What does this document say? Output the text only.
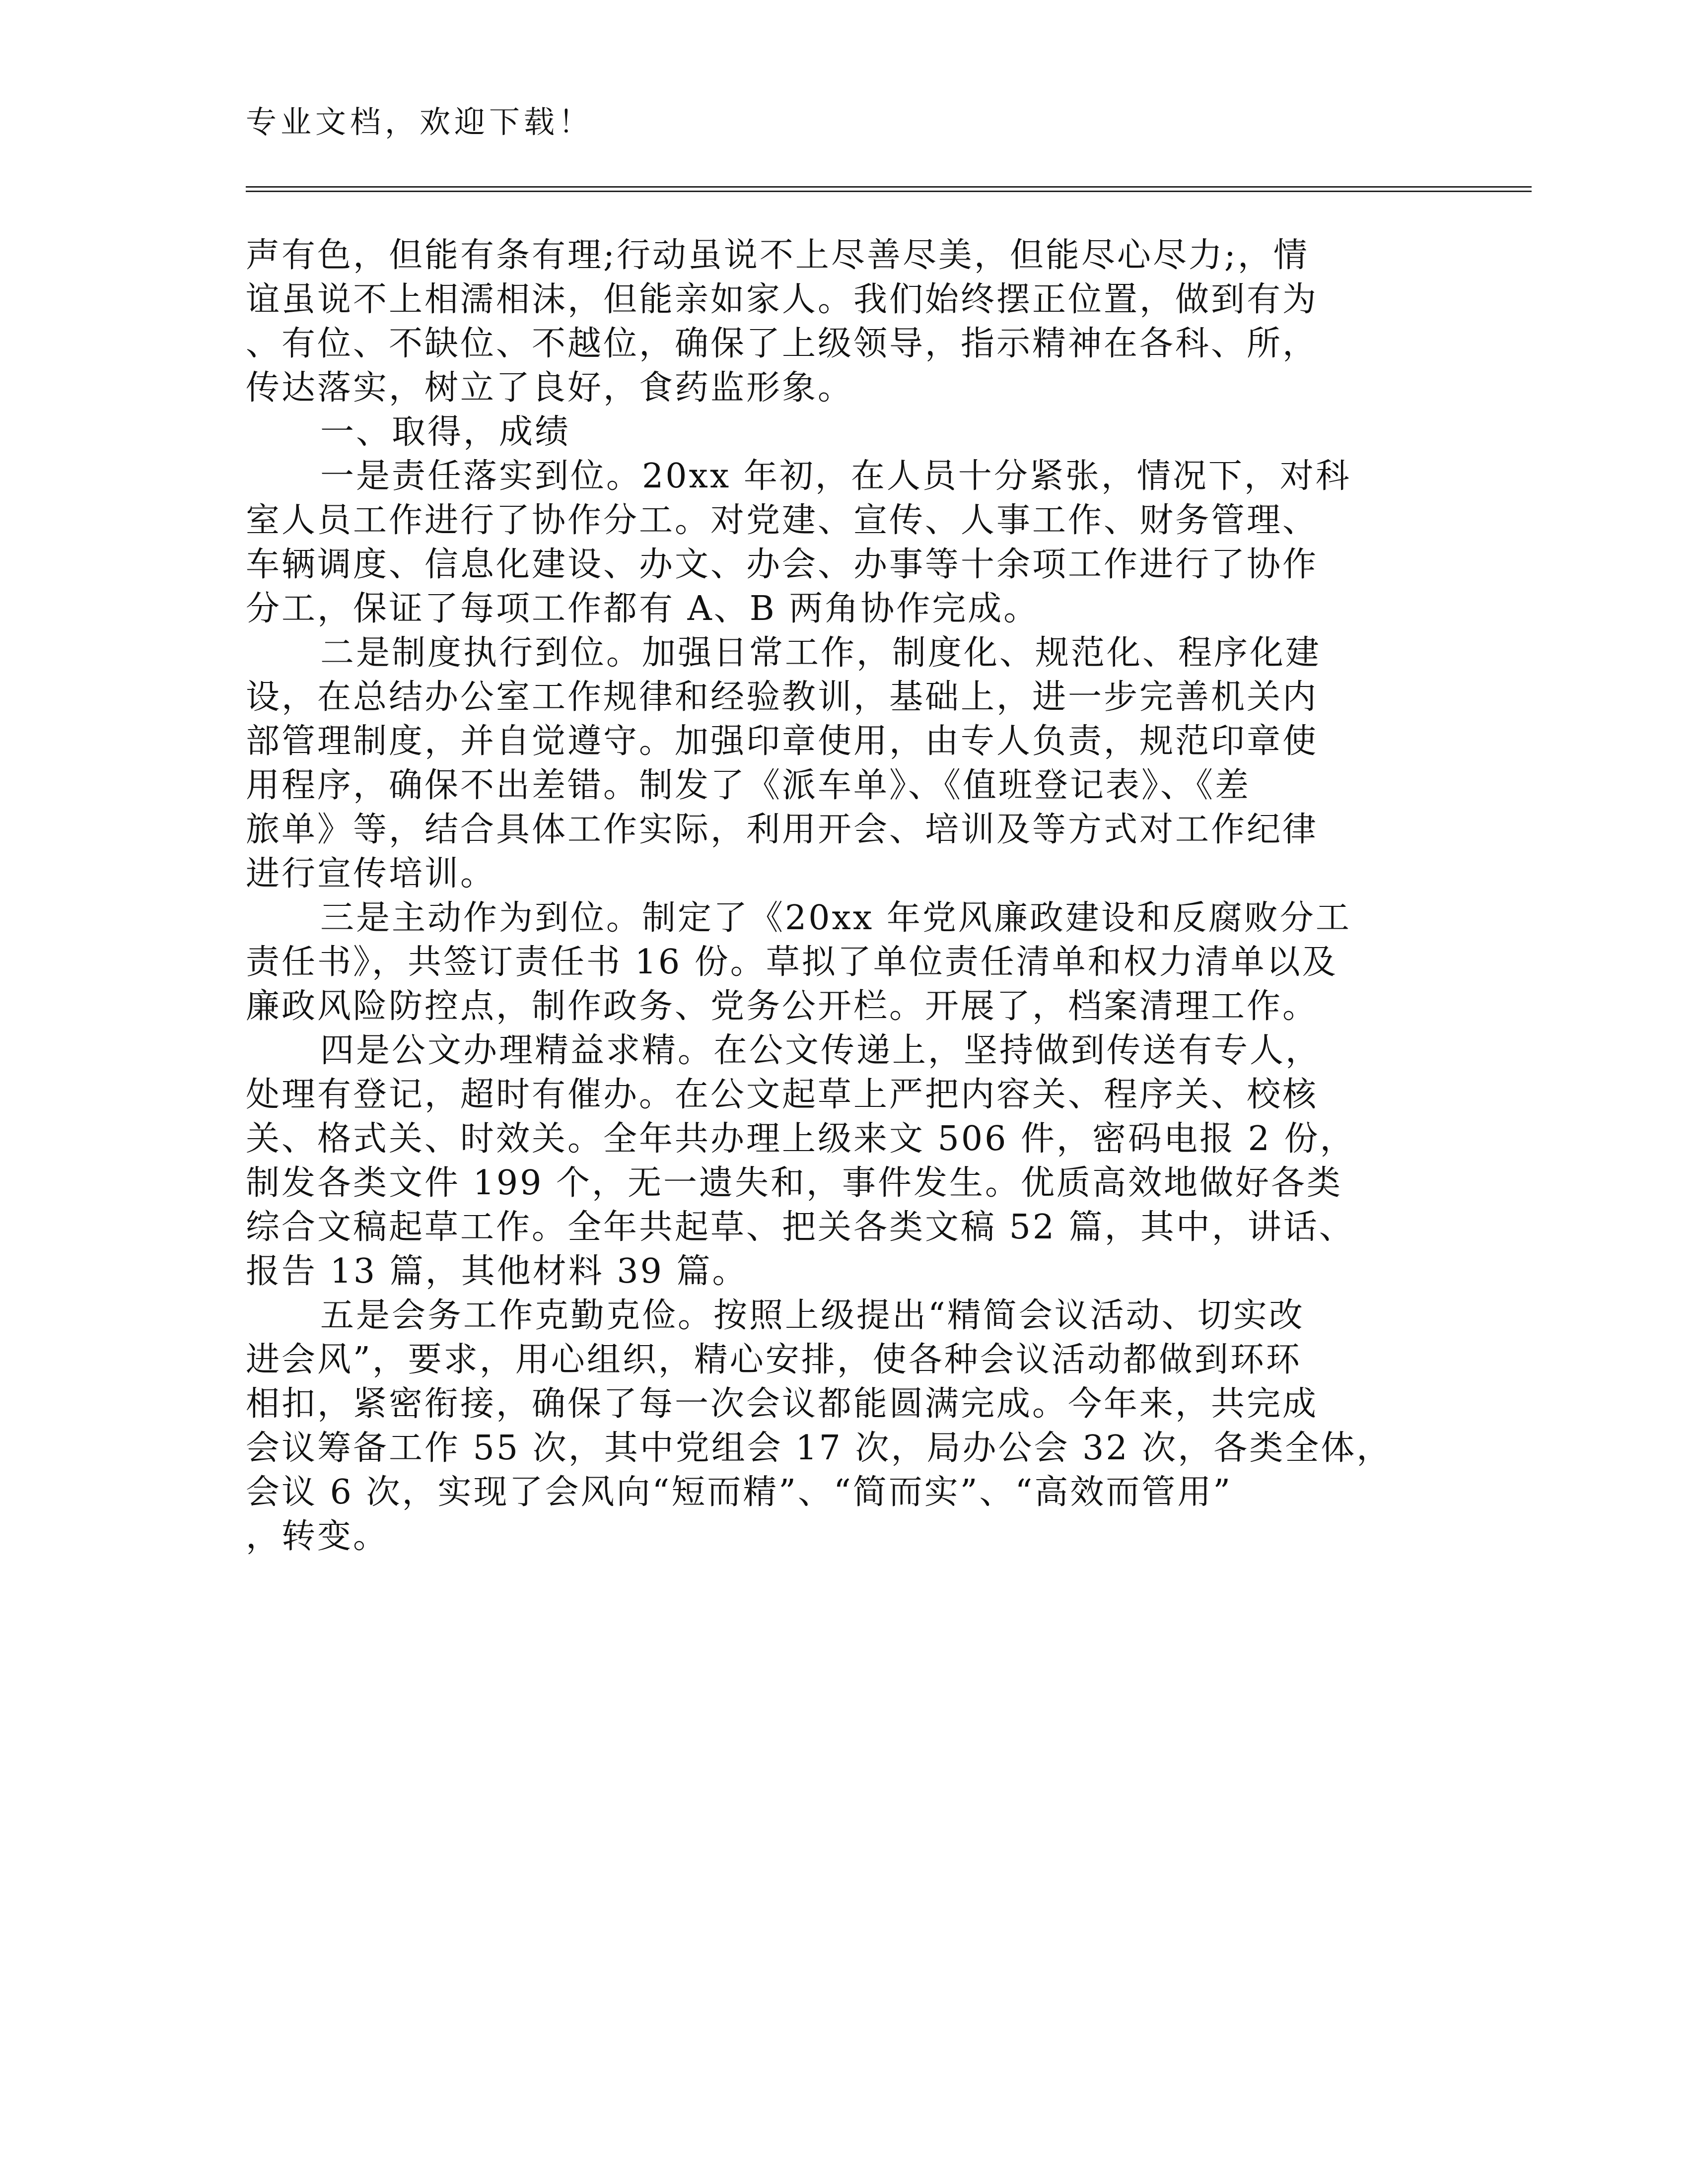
专业文档，欢迎下载！
声有色，但能有条有理;行动虽说不上尽善尽美，但能尽心尽力;，情
谊虽说不上相濡相沫，但能亲如家人。我们始终摆正位置，做到有为
、有位、不缺位、不越位，确保了上级领导，指示精神在各科、所，
传达落实，树立了良好，食药监形象。
一、取得，成绩
一是责任落实到位。20xx 年初，在人员十分紧张，情况下，对科
室人员工作进行了协作分工。对党建、宣传、人事工作、财务管理、
车辆调度、信息化建设、办文、办会、办事等十余项工作进行了协作
分工，保证了每项工作都有 A、B 两角协作完成。
二是制度执行到位。加强日常工作，制度化、规范化、程序化建
设，在总结办公室工作规律和经验教训，基础上，进一步完善机关内
部管理制度，并自觉遵守。加强印章使用，由专人负责，规范印章使
用程序，确保不出差错。制发了《派车单》、《值班登记表》、《差
旅单》等，结合具体工作实际，利用开会、培训及等方式对工作纪律
进行宣传培训。
三是主动作为到位。制定了《20xx 年党风廉政建设和反腐败分工
责任书》，共签订责任书 16 份。草拟了单位责任清单和权力清单以及
廉政风险防控点，制作政务、党务公开栏。开展了，档案清理工作。
四是公文办理精益求精。在公文传递上，坚持做到传送有专人，
处理有登记，超时有催办。在公文起草上严把内容关、程序关、校核
关、格式关、时效关。全年共办理上级来文 506 件，密码电报 2 份，
制发各类文件 199 个，无一遗失和，事件发生。优质高效地做好各类
综合文稿起草工作。全年共起草、把关各类文稿 52 篇，其中，讲话、
报告 13 篇，其他材料 39 篇。
五是会务工作克勤克俭。按照上级提出“精简会议活动、切实改
进会风”，要求，用心组织，精心安排，使各种会议活动都做到环环
相扣，紧密衔接，确保了每一次会议都能圆满完成。今年来，共完成
会议筹备工作 55 次，其中党组会 17 次，局办公会 32 次，各类全体，
会议 6 次，实现了会风向“短而精”、“简而实”、“高效而管用”
，转变。
